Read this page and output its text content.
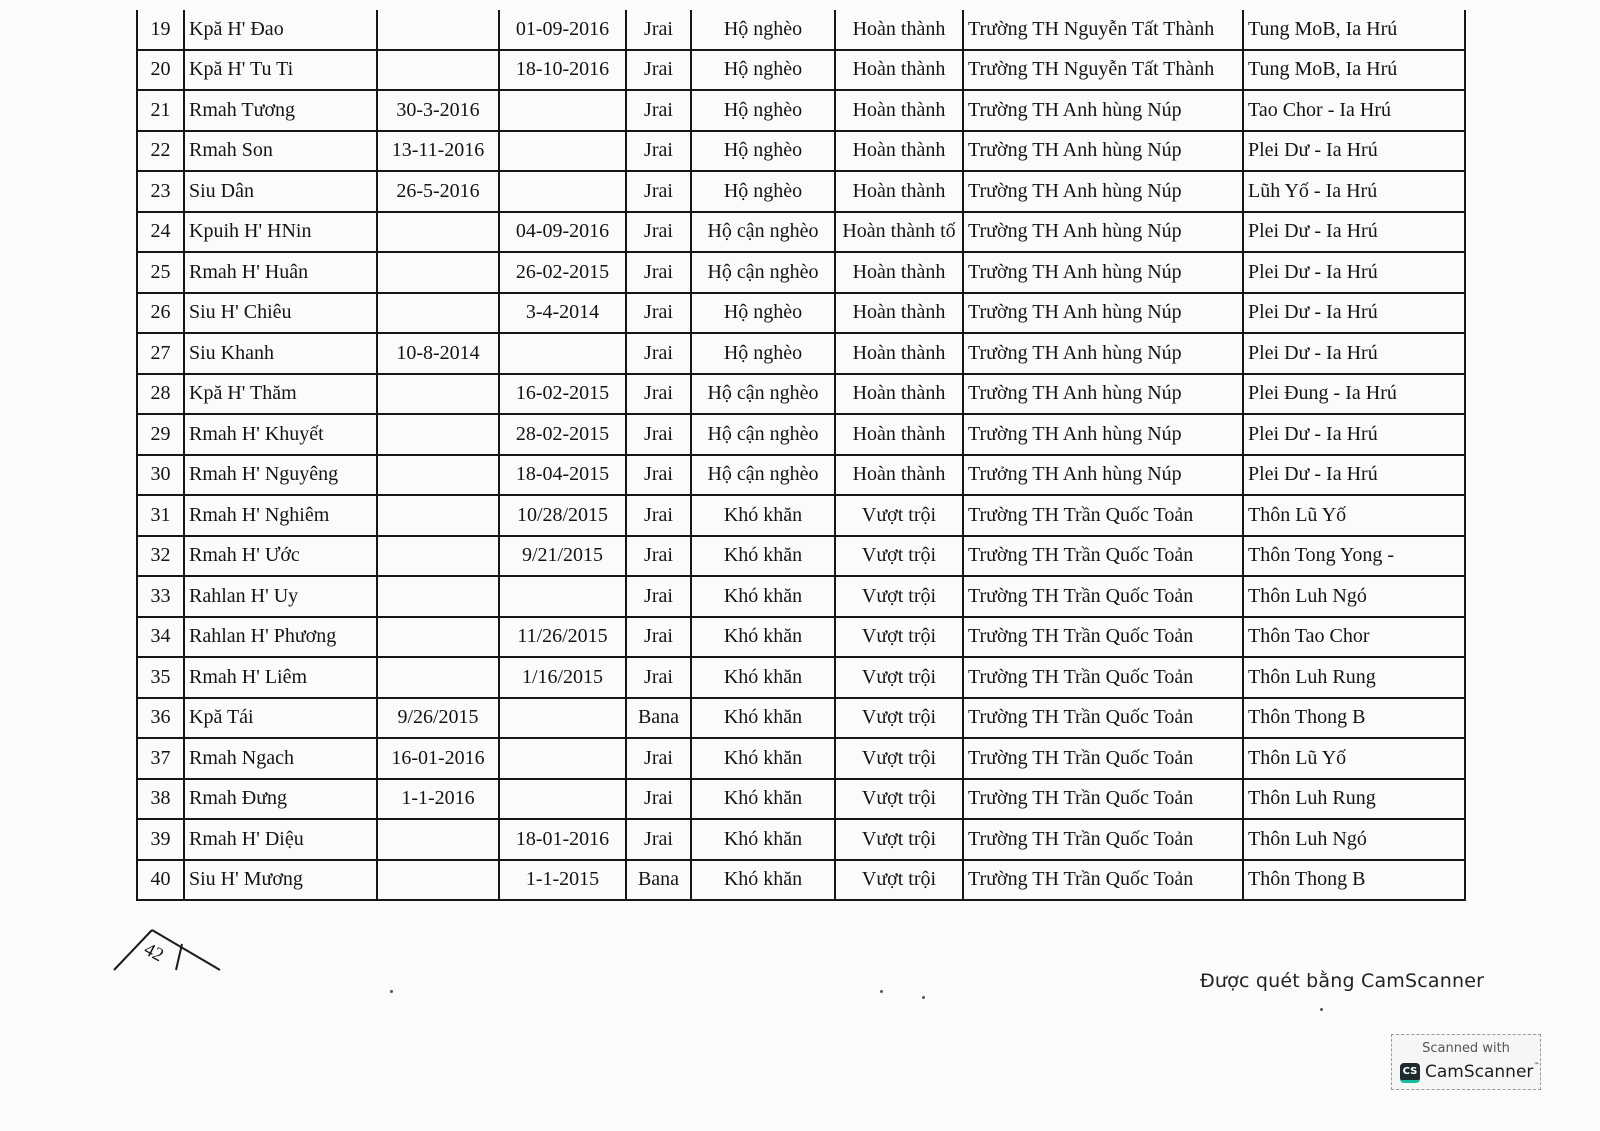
19	Kpă H' Đao		01-09-2016	Jrai	Hộ nghèo	Hoàn thành	Trường TH Nguyễn Tất Thành	Tung MoB, Ia Hrú
20	Kpă H' Tu Ti		18-10-2016	Jrai	Hộ nghèo	Hoàn thành	Trường TH Nguyễn Tất Thành	Tung MoB, Ia Hrú
21	Rmah Tương	30-3-2016		Jrai	Hộ nghèo	Hoàn thành	Trường TH Anh hùng Núp	Tao Chor - Ia Hrú
22	Rmah Son	13-11-2016		Jrai	Hộ nghèo	Hoàn thành	Trường TH Anh hùng Núp	Plei Dư - Ia Hrú
23	Siu Dân	26-5-2016		Jrai	Hộ nghèo	Hoàn thành	Trường TH Anh hùng Núp	Lũh Yố - Ia Hrú
24	Kpuih H' HNin		04-09-2016	Jrai	Hộ cận nghèo	Hoàn thành tố	Trường TH Anh hùng Núp	Plei Dư - Ia Hrú
25	Rmah H' Huân		26-02-2015	Jrai	Hộ cận nghèo	Hoàn thành	Trường TH Anh hùng Núp	Plei Dư - Ia Hrú
26	Siu H' Chiêu		3-4-2014	Jrai	Hộ nghèo	Hoàn thành	Trường TH Anh hùng Núp	Plei Dư - Ia Hrú
27	Siu Khanh	10-8-2014		Jrai	Hộ nghèo	Hoàn thành	Trường TH Anh hùng Núp	Plei Dư - Ia Hrú
28	Kpă H' Thăm		16-02-2015	Jrai	Hộ cận nghèo	Hoàn thành	Trường TH Anh hùng Núp	Plei Đung - Ia Hrú
29	Rmah H' Khuyết		28-02-2015	Jrai	Hộ cận nghèo	Hoàn thành	Trường TH Anh hùng Núp	Plei Dư - Ia Hrú
30	Rmah H' Nguyêng		18-04-2015	Jrai	Hộ cận nghèo	Hoàn thành	Trưởng TH Anh hùng Núp	Plei Dư - Ia Hrú
31	Rmah H' Nghiêm		10/28/2015	Jrai	Khó khăn	Vượt trội	Trường TH Trần Quốc Toản	Thôn Lũ Yố
32	Rmah H' Ước		9/21/2015	Jrai	Khó khăn	Vượt trội	Trường TH Trần Quốc Toản	Thôn Tong Yong -
33	Rahlan H' Uy			Jrai	Khó khăn	Vượt trội	Trường TH Trần Quốc Toản	Thôn Luh Ngó
34	Rahlan H' Phương		11/26/2015	Jrai	Khó khăn	Vượt trội	Trường TH Trần Quốc Toản	Thôn Tao Chor
35	Rmah H' Liêm		1/16/2015	Jrai	Khó khăn	Vượt trội	Trường TH Trần Quốc Toản	Thôn Luh Rung
36	Kpă Tái	9/26/2015		Bana	Khó khăn	Vượt trội	Trường TH Trần Quốc Toản	Thôn Thong B
37	Rmah Ngach	16-01-2016		Jrai	Khó khăn	Vượt trội	Trường TH Trần Quốc Toản	Thôn Lũ Yố
38	Rmah Đưng	1-1-2016		Jrai	Khó khăn	Vượt trội	Trường TH Trần Quốc Toản	Thôn Luh Rung
39	Rmah H' Diệu		18-01-2016	Jrai	Khó khăn	Vượt trội	Trường TH Trần Quốc Toản	Thôn Luh Ngó
40	Siu H' Mương		1-1-2015	Bana	Khó khăn	Vượt trội	Trường TH Trần Quốc Toản	Thôn Thong B
42
Được quét bằng CamScanner
Scanned with
CS CamScanner™
